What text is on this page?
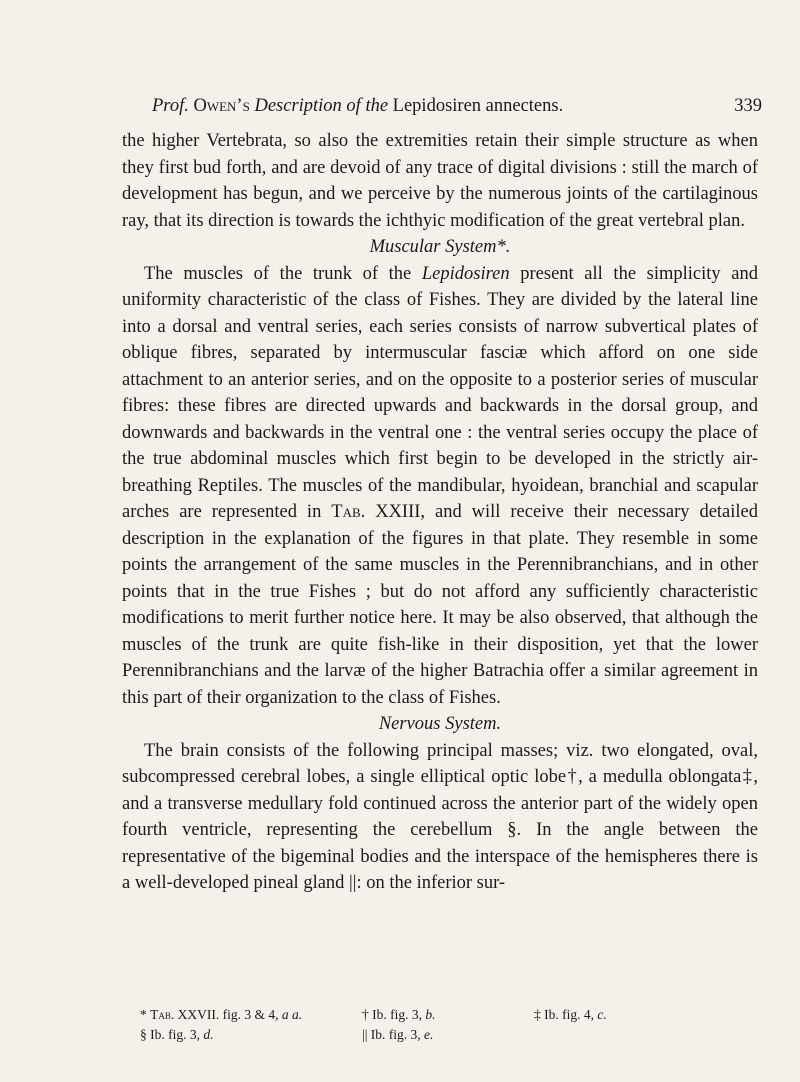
Prof. Owen’s Description of the Lepidosiren annectens.	339

the higher Vertebrata, so also the extremities retain their simple structure as when they first bud forth, and are devoid of any trace of digital divisions : still the march of development has begun, and we perceive by the numerous joints of the cartilaginous ray, that its direction is towards the ichthyic modification of the great vertebral plan.

Muscular System*.

The muscles of the trunk of the Lepidosiren present all the simplicity and uniformity characteristic of the class of Fishes. They are divided by the lateral line into a dorsal and ventral series, each series consists of narrow subvertical plates of oblique fibres, separated by intermuscular fasciæ which afford on one side attachment to an anterior series, and on the opposite to a posterior series of muscular fibres: these fibres are directed upwards and backwards in the dorsal group, and downwards and backwards in the ventral one : the ventral series occupy the place of the true abdominal muscles which first begin to be developed in the strictly air-breathing Reptiles. The muscles of the mandibular, hyoidean, branchial and scapular arches are represented in Tab. XXIII, and will receive their necessary detailed description in the explanation of the figures in that plate. They resemble in some points the arrangement of the same muscles in the Perennibranchians, and in other points that in the true Fishes ; but do not afford any sufficiently characteristic modifications to merit further notice here. It may be also observed, that although the muscles of the trunk are quite fish-like in their disposition, yet that the lower Perennibranchians and the larvæ of the higher Batrachia offer a similar agreement in this part of their organization to the class of Fishes.

Nervous System.

The brain consists of the following principal masses; viz. two elongated, oval, subcompressed cerebral lobes, a single elliptical optic lobe†, a medulla oblongata‡, and a transverse medullary fold continued across the anterior part of the widely open fourth ventricle, representing the cerebellum §. In the angle between the representative of the bigeminal bodies and the interspace of the hemispheres there is a well-developed pineal gland ||: on the inferior sur-

* Tab. XXVII. fig. 3 & 4, a a.	† Ib. fig. 3, b.	‡ Ib. fig. 4, c.
§ Ib. fig. 3, d.	|| Ib. fig. 3, e.
